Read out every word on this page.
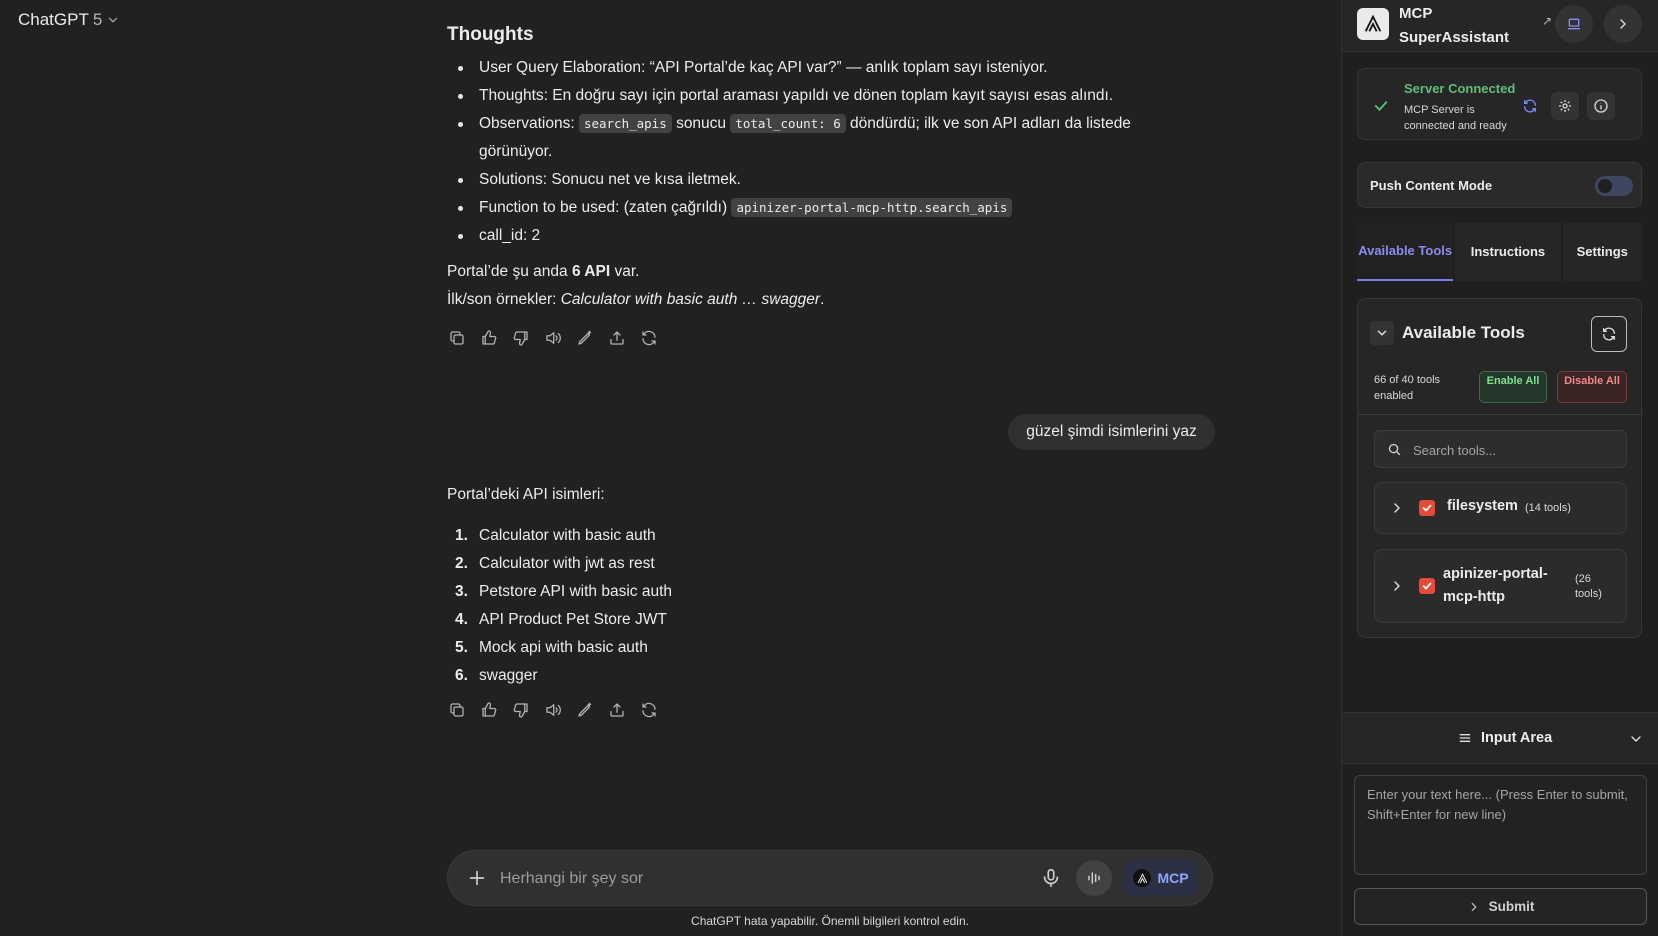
ChatGPT 5
Thoughts
User Query Elaboration: “API Portal’de kaç API var?” — anlık toplam sayı isteniyor.
Thoughts: En doğru sayı için portal araması yapıldı ve dönen toplam kayıt sayısı esas alındı.
Observations: search_apis sonucu total_count: 6 döndürdü; ilk ve son API adları da listede görünüyor.
Solutions: Sonucu net ve kısa iletmek.
Function to be used: (zaten çağrıldı) apinizer-portal-mcp-http.search_apis
call_id: 2
Portal’de şu anda 6 API var.
İlk/son örnekler: Calculator with basic auth … swagger.
güzel şimdi isimlerini yaz
Portal’deki API isimleri:
1. Calculator with basic auth
2. Calculator with jwt as rest
3. Petstore API with basic auth
4. API Product Pet Store JWT
5. Mock api with basic auth
6. swagger
Herhangi bir şey sor
MCP
ChatGPT hata yapabilir. Önemli bilgileri kontrol edin.
MCP
SuperAssistant
↗
Server Connected
MCP Server is connected and ready
Push Content Mode
Available Tools	Instructions	Settings
Available Tools
66 of 40 tools enabled
Enable All	Disable All
Search tools...
filesystem (14 tools)
apinizer-portal-mcp-http
(26 tools)
Input Area
Enter your text here... (Press Enter to submit, Shift+Enter for new line)
Submit
